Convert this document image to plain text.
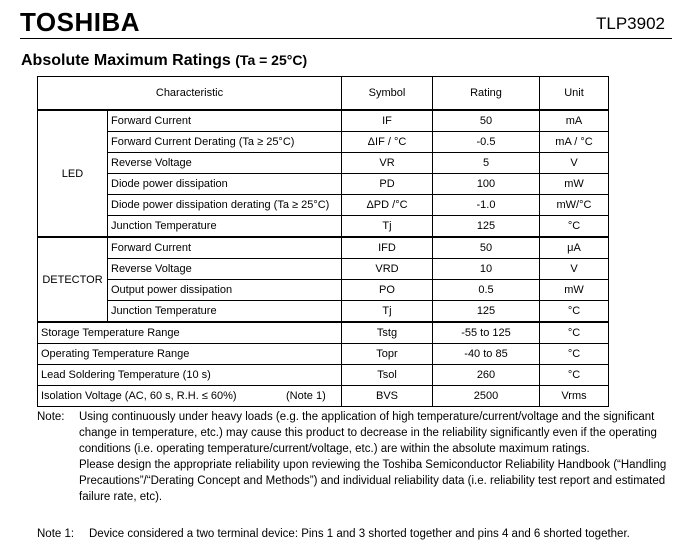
TOSHIBA	TLP3902
Absolute Maximum Ratings (Ta = 25°C)
Characteristic		Symbol	Rating	Unit
LED	Forward Current	IF	50	mA
	Forward Current Derating (Ta ≥ 25°C)	ΔIF / °C	-0.5	mA / °C
	Reverse Voltage	VR	5	V
	Diode power dissipation	PD	100	mW
	Diode power dissipation derating (Ta ≥ 25°C)	ΔPD /°C	-1.0	mW/°C
	Junction Temperature	Tj	125	°C
DETECTOR	Forward Current	IFD	50	μA
	Reverse Voltage	VRD	10	V
	Output power dissipation	PO	0.5	mW
	Junction Temperature	Tj	125	°C
Storage Temperature Range		Tstg	-55 to 125	°C
Operating Temperature Range		Topr	-40 to 85	°C
Lead Soldering Temperature (10 s)		Tsol	260	°C
Isolation Voltage (AC, 60 s, R.H. ≤ 60%) (Note 1)		BVS	2500	Vrms
Note:	Using continuously under heavy loads (e.g. the application of high temperature/current/voltage and the significant change in temperature, etc.) may cause this product to decrease in the reliability significantly even if the operating conditions (i.e. operating temperature/current/voltage, etc.) are within the absolute maximum ratings.

Please design the appropriate reliability upon reviewing the Toshiba Semiconductor Reliability Handbook (“Handling Precautions”/“Derating Concept and Methods”) and individual reliability data (i.e. reliability test report and estimated failure rate, etc).

Note 1:	Device considered a two terminal device: Pins 1 and 3 shorted together and pins 4 and 6 shorted together.
